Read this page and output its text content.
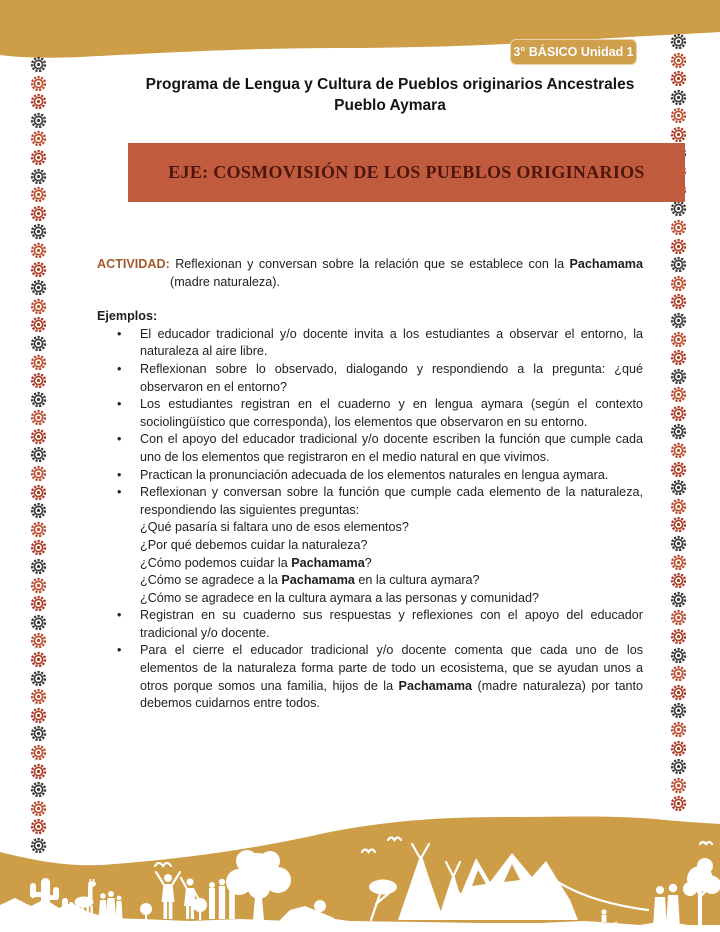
3° BÁSICO Unidad 1
Programa de Lengua y Cultura de Pueblos originarios Ancestrales
Pueblo Aymara
EJE: COSMOVISIÓN DE LOS PUEBLOS ORIGINARIOS

ACTIVIDAD: Reflexionan y conversan sobre la relación que se establece con la Pachamama (madre naturaleza).

Ejemplos:

• El educador tradicional y/o docente invita a los estudiantes a observar el entorno, la naturaleza al aire libre.
• Reflexionan sobre lo observado, dialogando y respondiendo a la pregunta: ¿qué observaron en el entorno?
• Los estudiantes registran en el cuaderno y en lengua aymara (según el contexto sociolingüístico que corresponda), los elementos que observaron en su entorno.
• Con el apoyo del educador tradicional y/o docente escriben la función que cumple cada uno de los elementos que registraron en el medio natural en que vivimos.
• Practican la pronunciación adecuada de los elementos naturales en lengua aymara.
• Reflexionan y conversan sobre la función que cumple cada elemento de la naturaleza, respondiendo las siguientes preguntas:
¿Qué pasaría si faltara uno de esos elementos?
¿Por qué debemos cuidar la naturaleza?
¿Cómo podemos cuidar la Pachamama?
¿Cómo se agradece a la Pachamama en la cultura aymara?
¿Cómo se agradece en la cultura aymara a las personas y comunidad?
• Registran en su cuaderno sus respuestas y reflexiones con el apoyo del educador tradicional y/o docente.
• Para el cierre el educador tradicional y/o docente comenta que cada uno de los elementos de la naturaleza forma parte de todo un ecosistema, que se ayudan unos a otros porque somos una familia, hijos de la Pachamama (madre naturaleza) por tanto debemos cuidarnos entre todos.
